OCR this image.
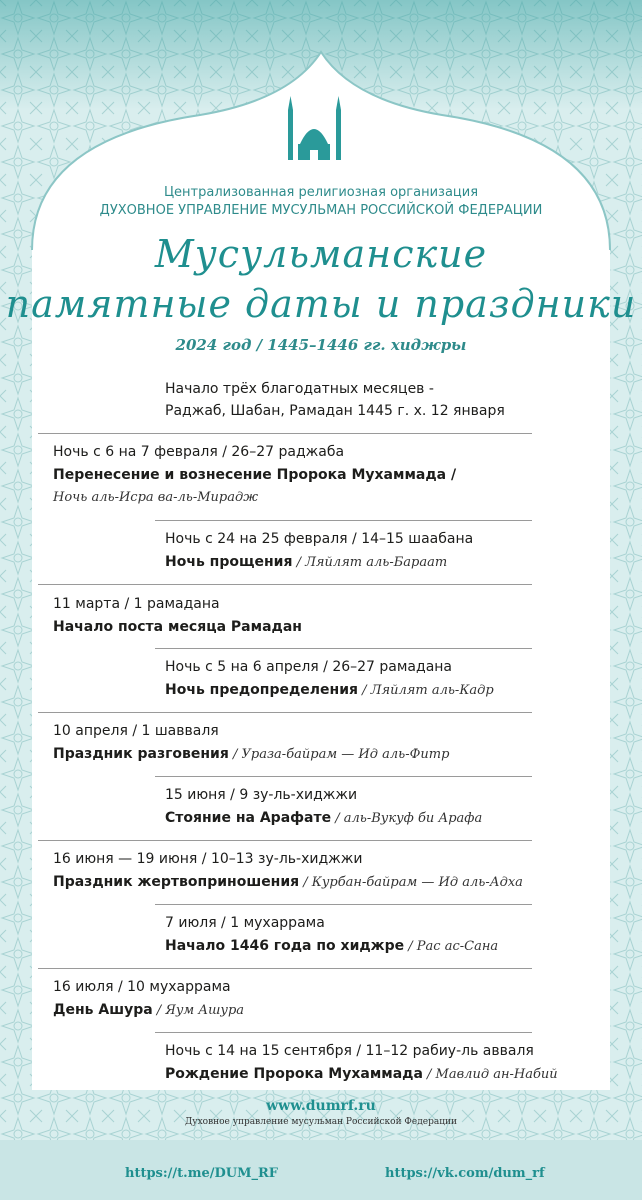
Централизованная религиозная организация
ДУХОВНОЕ УПРАВЛЕНИЕ МУСУЛЬМАН РОССИЙСКОЙ ФЕДЕРАЦИИ
Мусульманские
памятные даты и праздники
2024 год / 1445–1446 гг. хиджры
Начало трёх благодатных месяцев -
Раджаб, Шабан, Рамадан 1445 г. х. 12 января
Ночь с 6 на 7 февраля / 26–27 раджаба
Перенесение и вознесение Пророка Мухаммада /
Ночь аль-Исра ва-ль-Мирадж
Ночь с 24 на 25 февраля / 14–15 шаабана
Ночь прощения / Ляйлят аль-Бараат
11 марта / 1 рамадана
Начало поста месяца Рамадан
Ночь с 5 на 6 апреля / 26–27 рамадана
Ночь предопределения / Ляйлят аль-Кадр
10 апреля / 1 шавваля
Праздник разговения / Ураза-байрам — Ид аль-Фитр
15 июня / 9 зу-ль-хиджжи
Стояние на Арафате / аль-Вукуф би Арафа
16 июня — 19 июня / 10–13 зу-ль-хиджжи
Праздник жертвоприношения / Курбан-байрам — Ид аль-Адха
7 июля / 1 мухаррама
Начало 1446 года по хиджре / Рас ас-Сана
16 июля / 10 мухаррама
День Ашура / Яум Ашура
Ночь с 14 на 15 сентября / 11–12 рабиу-ль авваля
Рождение Пророка Мухаммада / Мавлид ан-Набий
www.dumrf.ru
Духовное управление мусульман Российской Федерации
https://t.me/DUM_RF	https://vk.com/dum_rf
